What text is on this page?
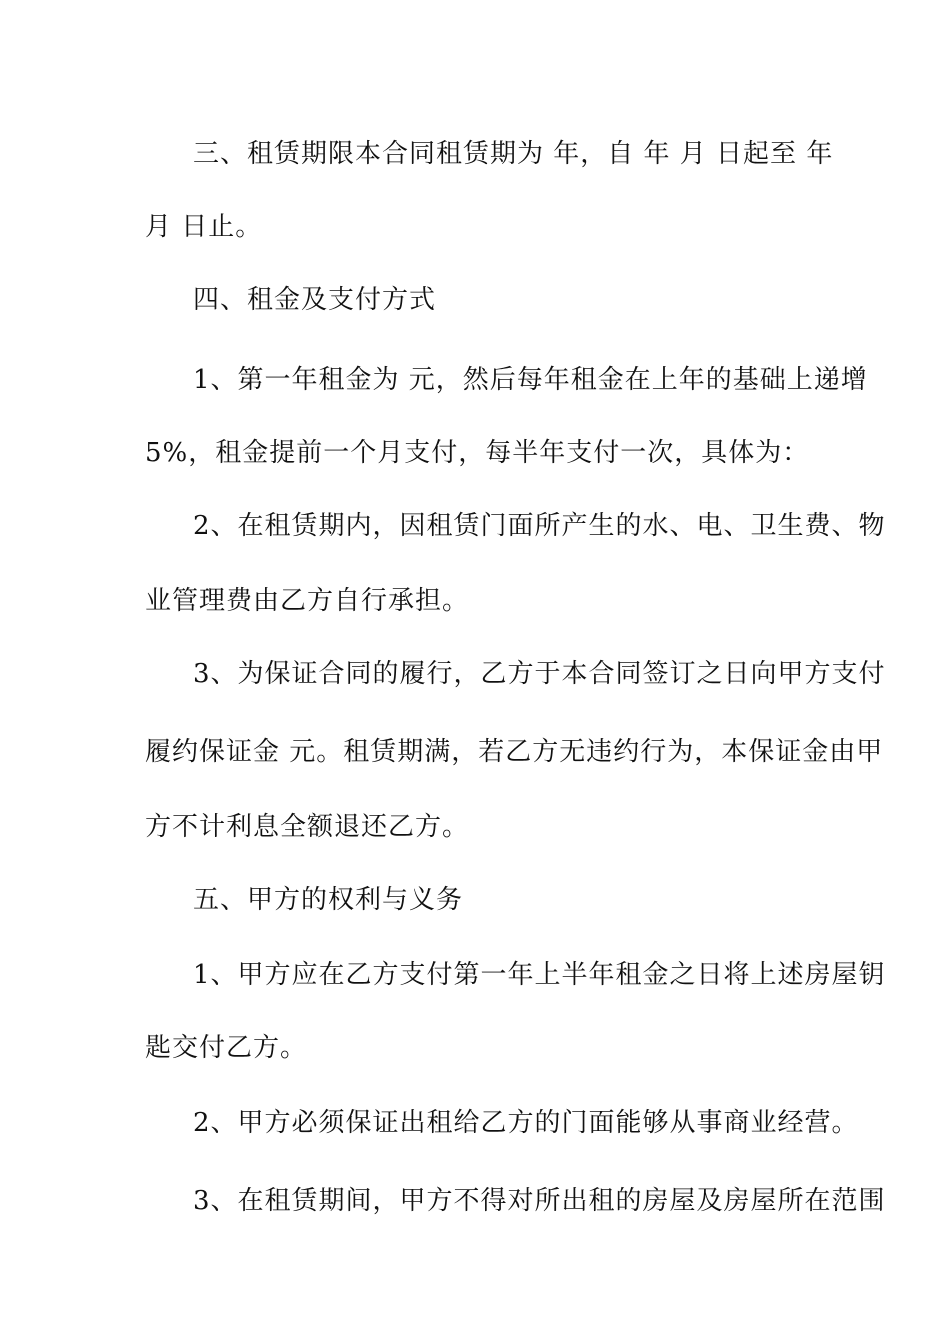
三、租赁期限本合同租赁期为 年，自 年 月 日起至 年
月 日止。
四、租金及支付方式
1、第一年租金为 元，然后每年租金在上年的基础上递增
5%，租金提前一个月支付，每半年支付一次，具体为：
2、在租赁期内，因租赁门面所产生的水、电、卫生费、物
业管理费由乙方自行承担。
3、为保证合同的履行，乙方于本合同签订之日向甲方支付
履约保证金 元。租赁期满，若乙方无违约行为，本保证金由甲
方不计利息全额退还乙方。
五、甲方的权利与义务
1、甲方应在乙方支付第一年上半年租金之日将上述房屋钥
匙交付乙方。
2、甲方必须保证出租给乙方的门面能够从事商业经营。
3、在租赁期间，甲方不得对所出租的房屋及房屋所在范围
